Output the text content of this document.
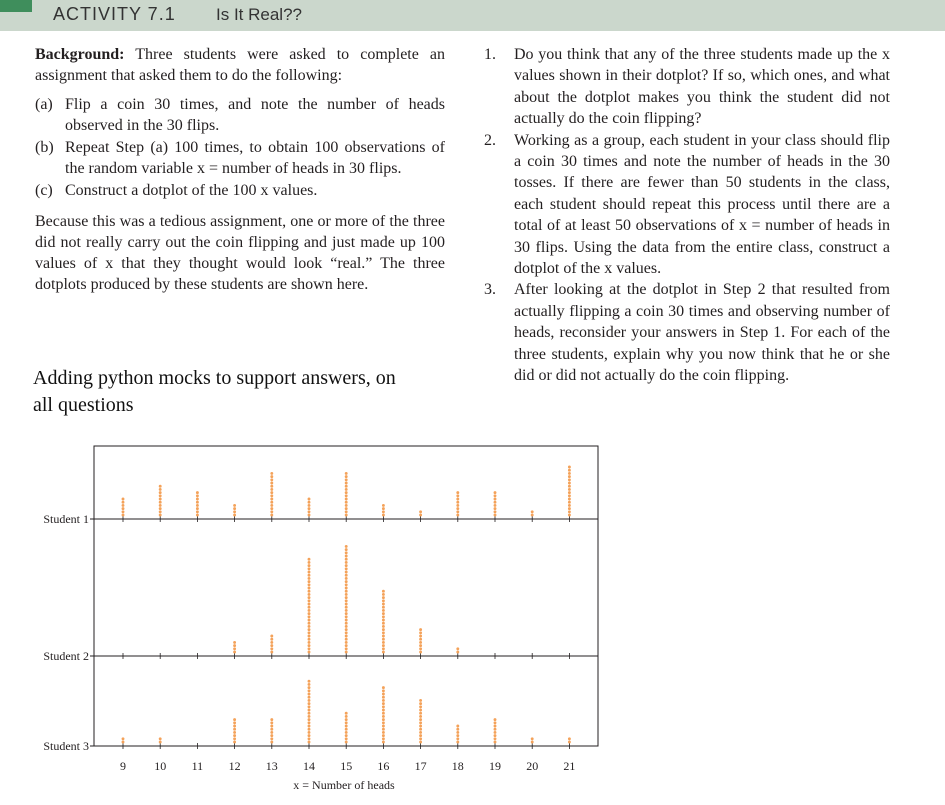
ACTIVITY 7.1 Is It Real??

Background: Three students were asked to complete an assignment that asked them to do the following:

(a) Flip a coin 30 times, and note the number of heads observed in the 30 flips.
(b) Repeat Step (a) 100 times, to obtain 100 observations of the random variable x = number of heads in 30 flips.
(c) Construct a dotplot of the 100 x values.

Because this was a tedious assignment, one or more of the three did not really carry out the coin flipping and just made up 100 values of x that they thought would look “real.” The three dotplots produced by these students are shown here.

Adding python mocks to support answers, on all questions
1. Do you think that any of the three students made up the x values shown in their dotplot? If so, which ones, and what about the dotplot makes you think the student did not actually do the coin flipping?
2. Working as a group, each student in your class should flip a coin 30 times and note the number of heads in the 30 tosses. If there are fewer than 50 students in the class, each student should repeat this process until there are a total of at least 50 observations of x = number of heads in 30 flips. Using the data from the entire class, construct a dotplot of the x values.
3. After looking at the dotplot in Step 2 that resulted from actually flipping a coin 30 times and observing number of heads, reconsider your answers in Step 1. For each of the three students, explain why you now think that he or she did or did not actually do the coin flipping.
Student 1
Student 2
Student 3
9 10 11 12 13 14 15 16 17 18 19 20 21
x = Number of heads
